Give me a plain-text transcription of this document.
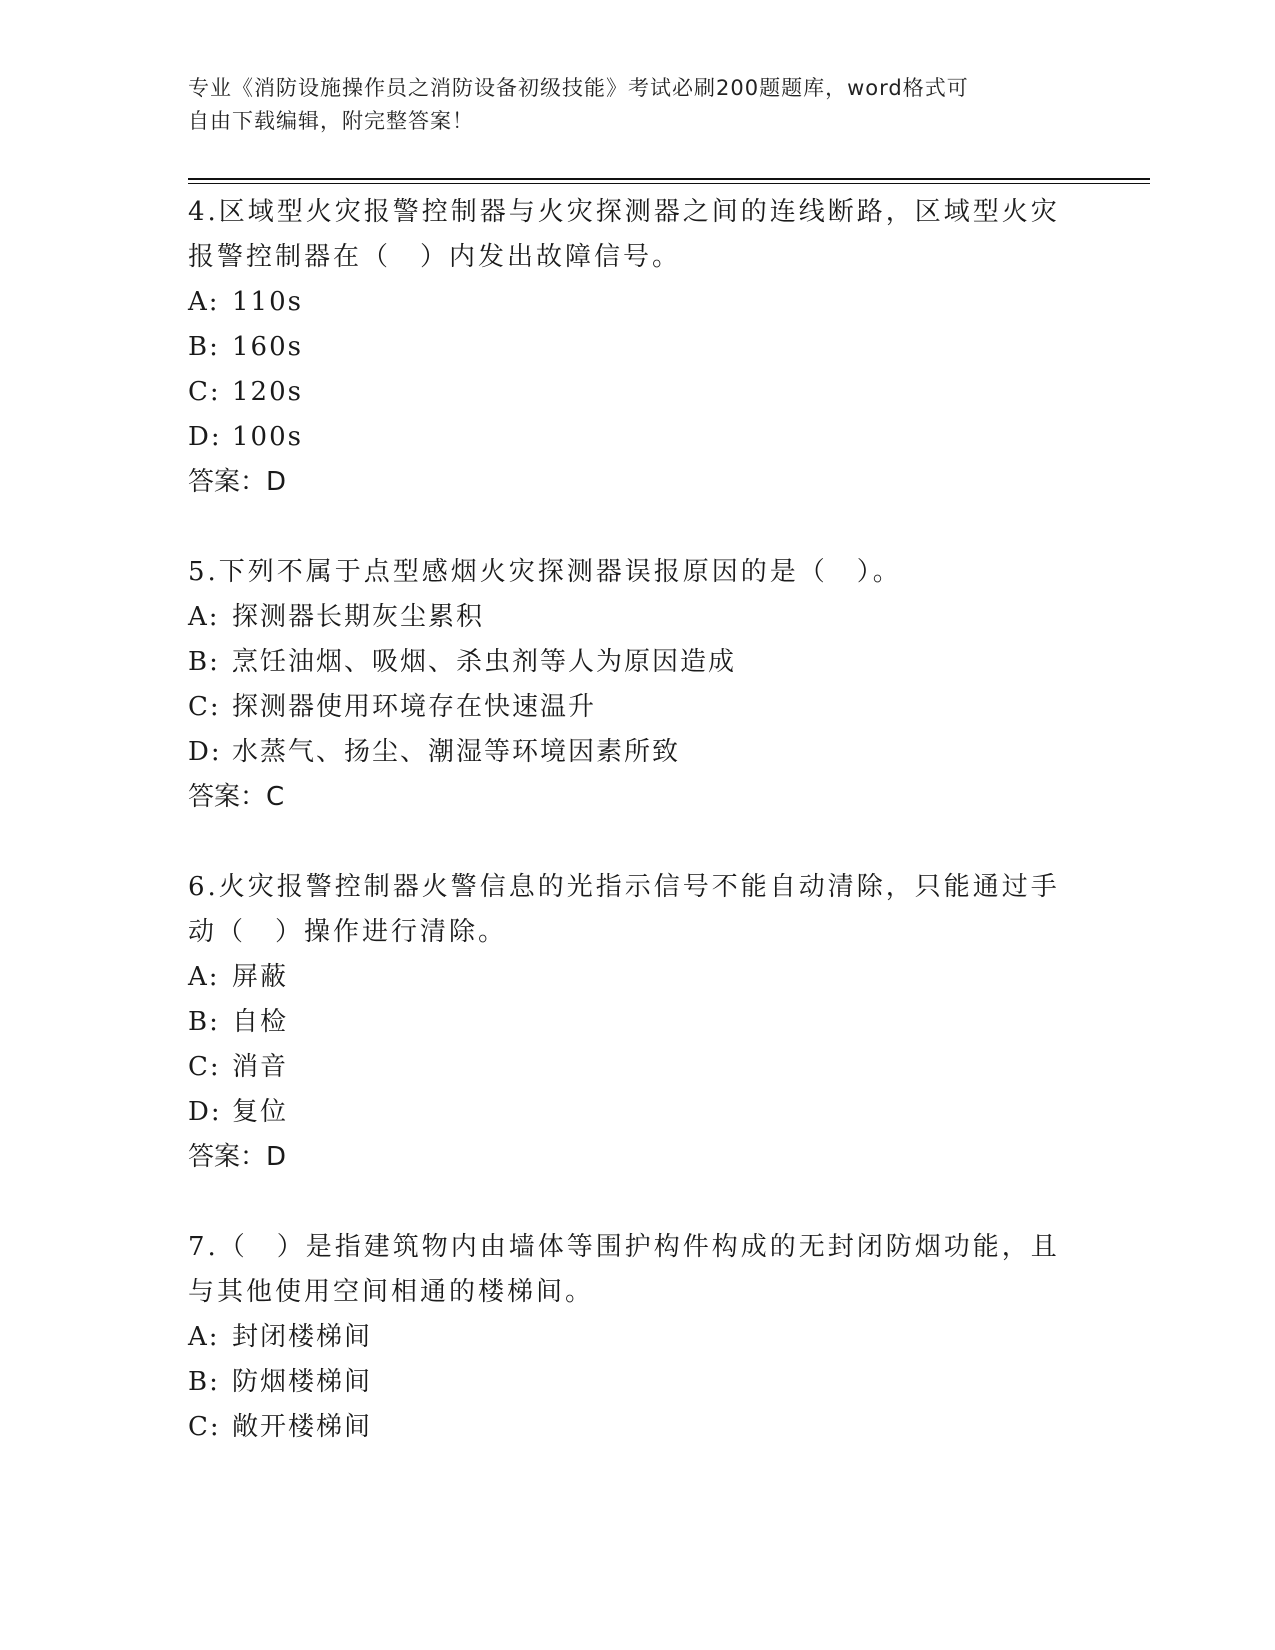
专业《消防设施操作员之消防设备初级技能》考试必刷200题题库，word格式可
自由下载编辑，附完整答案！

4.区域型火灾报警控制器与火灾探测器之间的连线断路，区域型火灾

报警控制器在（　）内发出故障信号。

A: 110s

B: 160s

C: 120s

D: 100s

答案：D

5.下列不属于点型感烟火灾探测器误报原因的是（　）。

A: 探测器长期灰尘累积

B: 烹饪油烟、吸烟、杀虫剂等人为原因造成

C: 探测器使用环境存在快速温升

D: 水蒸气、扬尘、潮湿等环境因素所致

答案：C

6.火灾报警控制器火警信息的光指示信号不能自动清除，只能通过手

动（　）操作进行清除。

A: 屏蔽

B: 自检

C: 消音

D: 复位

答案：D

7.（　）是指建筑物内由墙体等围护构件构成的无封闭防烟功能，且

与其他使用空间相通的楼梯间。

A: 封闭楼梯间

B: 防烟楼梯间

C: 敞开楼梯间
